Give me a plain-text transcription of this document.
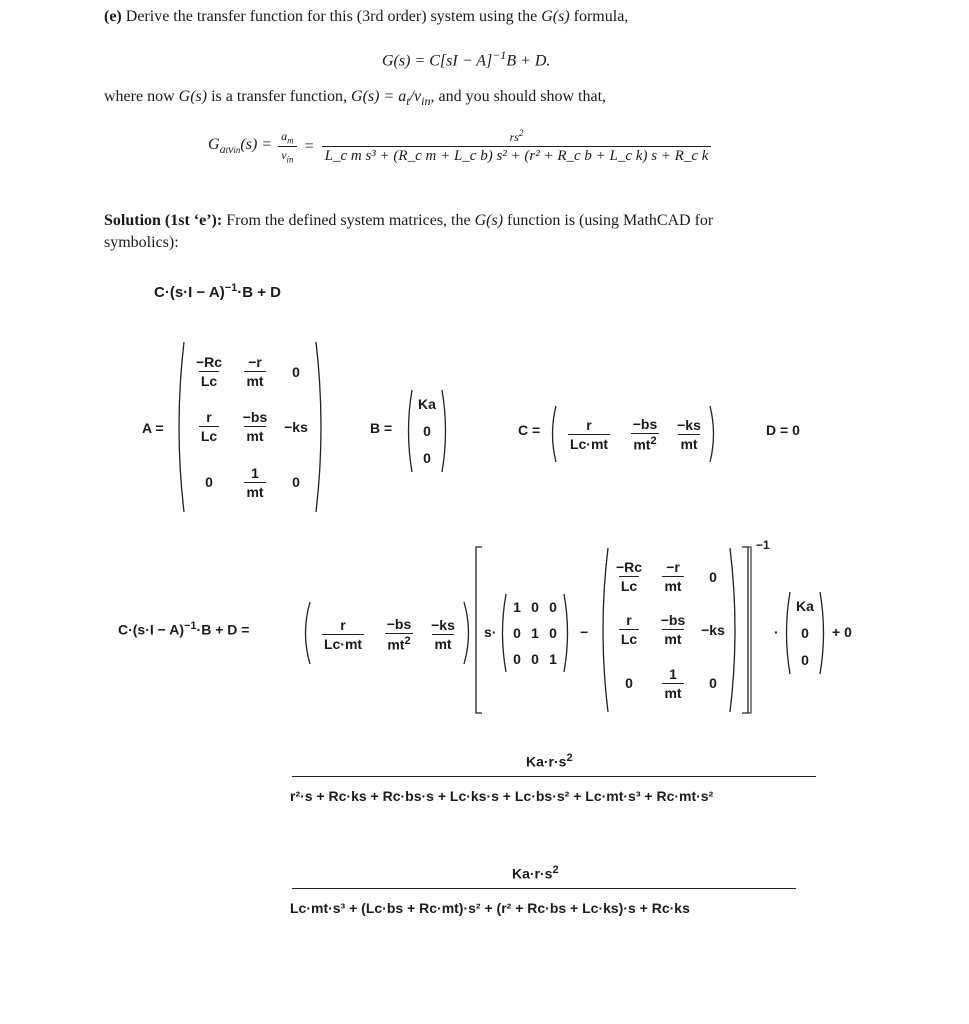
(e) Derive the transfer function for this (3rd order) system using the G(s) formula,
G(s) = C[sI − A]$^{-1}$B + D.
where now G(s) is a transfer function, $G(s) = a_t/v_{in}$, and you should show that,
$G_{atvin}(s)$ =
$a_m$
$v_{in}$
=
$rs^2$
L_c m s³ + (R_c m + L_c b) s² + (r² + R_c b + L_c k) s + R_c k
Solution (1st ‘e’): From the defined system matrices, the G(s) function is (using MathCAD for
symbolics):
$C\cdot(s\cdot I - A)^{-1}\cdot B + D$
A =
$\frac{-Rc}{Lc} \frac{-r}{mt} 0$
$\frac{r}{Lc} \frac{-bs}{mt} -ks$
$0 \frac{1}{mt} 0$
B =
Ka
0
0
$C = \frac{r}{Lc\cdot mt} \frac{-bs}{mt^2} \frac{-ks}{mt}$	D = 0
$C\cdot(s\cdot I - A)^{-1}\cdot B + D$ =	$\frac{r}{Lc\cdot mt} \frac{-bs}{mt^2} \frac{-ks}{mt}$
−1
s·
1 0 0
0 1 0
0 0 1
−
$\frac{-Rc}{Lc} \frac{-r}{mt} 0$
$\frac{r}{Lc} \frac{-bs}{mt} -ks$
$0 \frac{1}{mt} 0$
·
Ka
0
0
+ 0
$Ka\cdot r\cdot s^2$
r²·s + Rc·ks + Rc·bs·s + Lc·ks·s + Lc·bs·s² + Lc·mt·s³ + Rc·mt·s²
$Ka\cdot r\cdot s^2$
Lc·mt·s³ + (Lc·bs + Rc·mt)·s² + (r² + Rc·bs + Lc·ks)·s + Rc·ks
